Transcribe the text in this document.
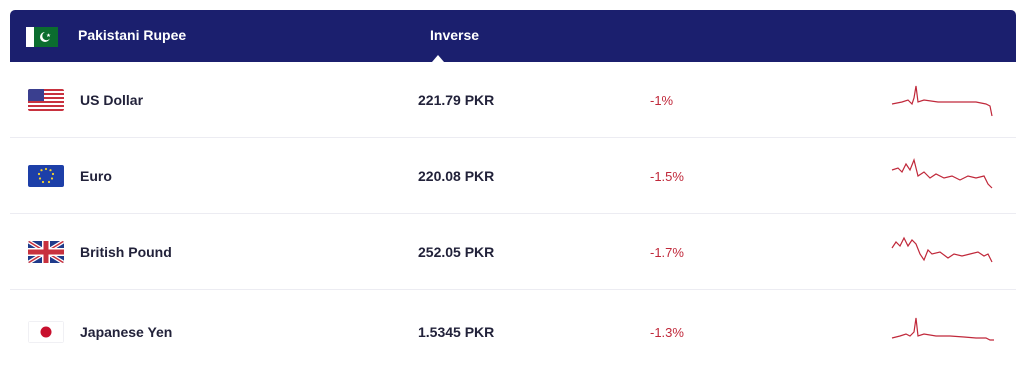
Pakistani Rupee	Inverse
US Dollar	221.79 PKR	-1%
Euro	220.08 PKR	-1.5%
British Pound	252.05 PKR	-1.7%
Japanese Yen	1.5345 PKR	-1.3%
